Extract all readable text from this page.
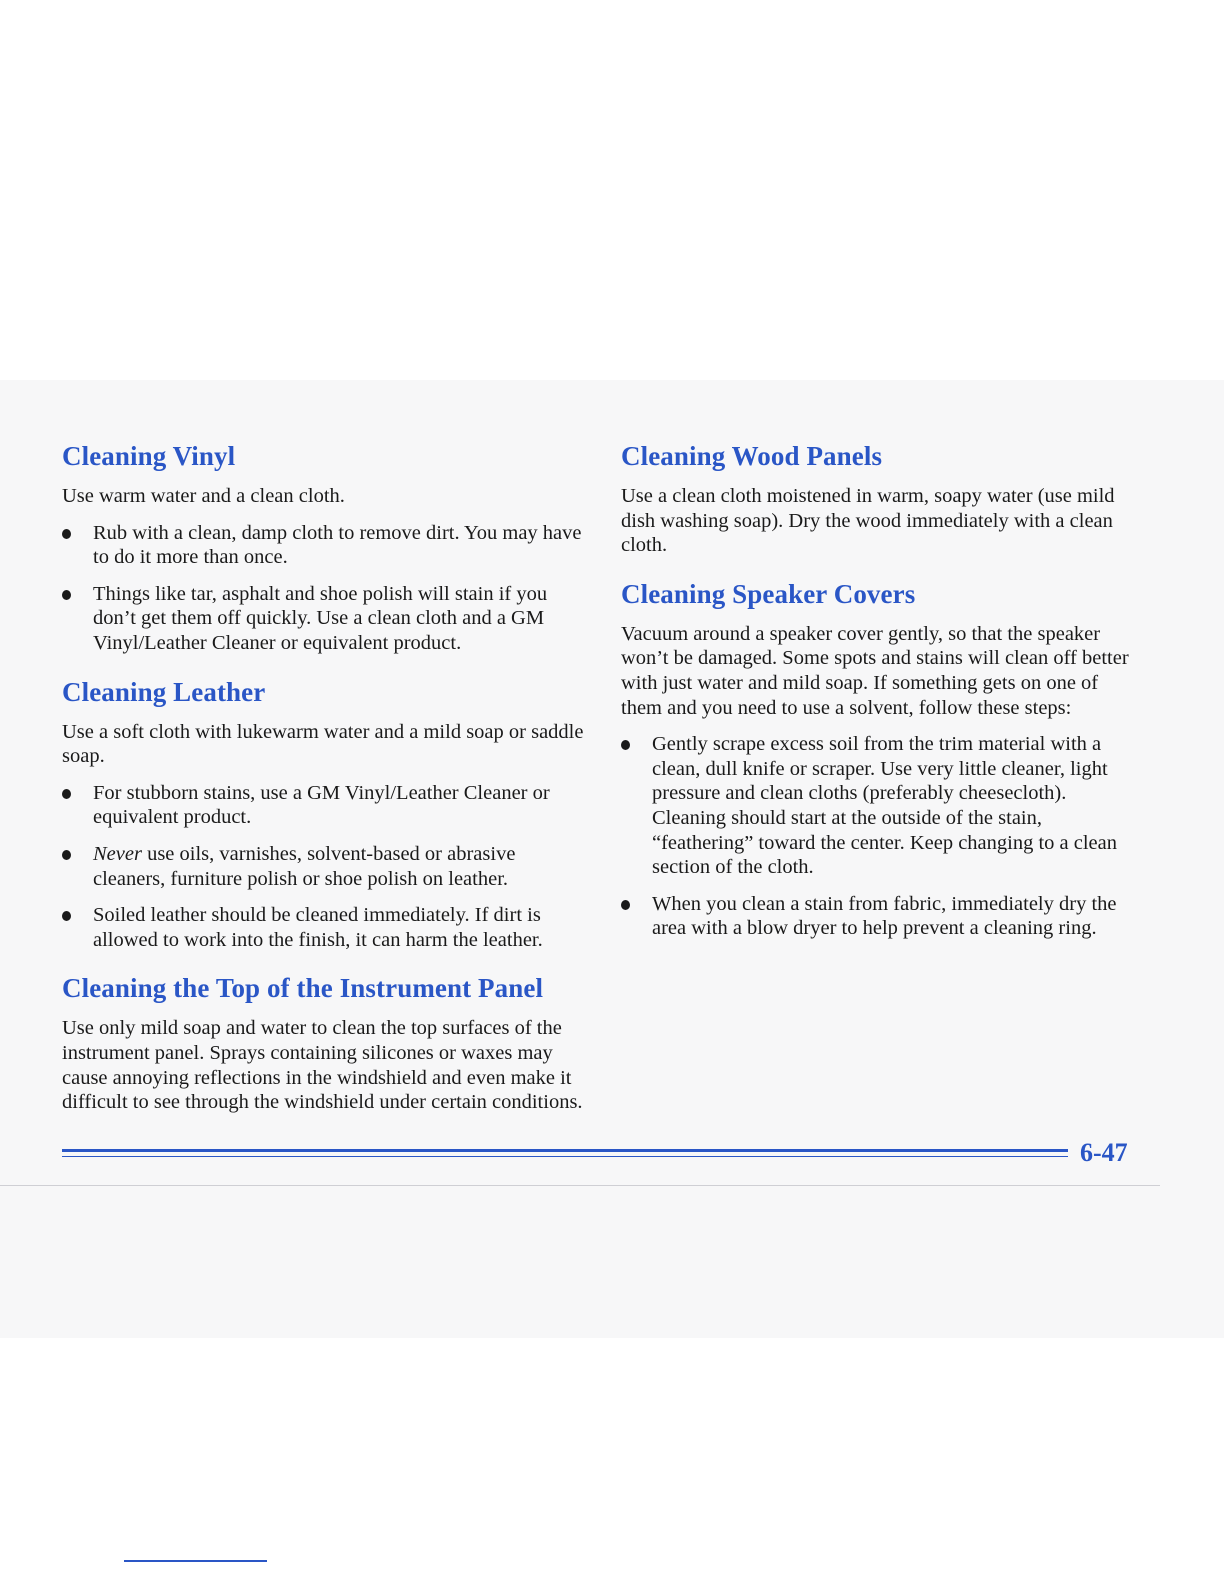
Cleaning Vinyl

Use warm water and a clean cloth.

Rub with a clean, damp cloth to remove dirt. You may have to do it more than once.
Things like tar, asphalt and shoe polish will stain if you don’t get them off quickly. Use a clean cloth and a GM Vinyl/Leather Cleaner or equivalent product.
Cleaning Leather

Use a soft cloth with lukewarm water and a mild soap or saddle soap.

For stubborn stains, use a GM Vinyl/Leather Cleaner or equivalent product.
Never use oils, varnishes, solvent-based or abrasive cleaners, furniture polish or shoe polish on leather.
Soiled leather should be cleaned immediately. If dirt is allowed to work into the finish, it can harm the leather.
Cleaning the Top of the Instrument Panel

Use only mild soap and water to clean the top surfaces of the instrument panel. Sprays containing silicones or waxes may cause annoying reflections in the windshield and even make it difficult to see through the windshield under certain conditions.

Cleaning Wood Panels

Use a clean cloth moistened in warm, soapy water (use mild dish washing soap). Dry the wood immediately with a clean cloth.

Cleaning Speaker Covers

Vacuum around a speaker cover gently, so that the speaker won’t be damaged. Some spots and stains will clean off better with just water and mild soap. If something gets on one of them and you need to use a solvent, follow these steps:

Gently scrape excess soil from the trim material with a clean, dull knife or scraper. Use very little cleaner, light pressure and clean cloths (preferably cheesecloth). Cleaning should start at the outside of the stain, “feathering” toward the center. Keep changing to a clean section of the cloth.
When you clean a stain from fabric, immediately dry the area with a blow dryer to help prevent a cleaning ring.
6-47
